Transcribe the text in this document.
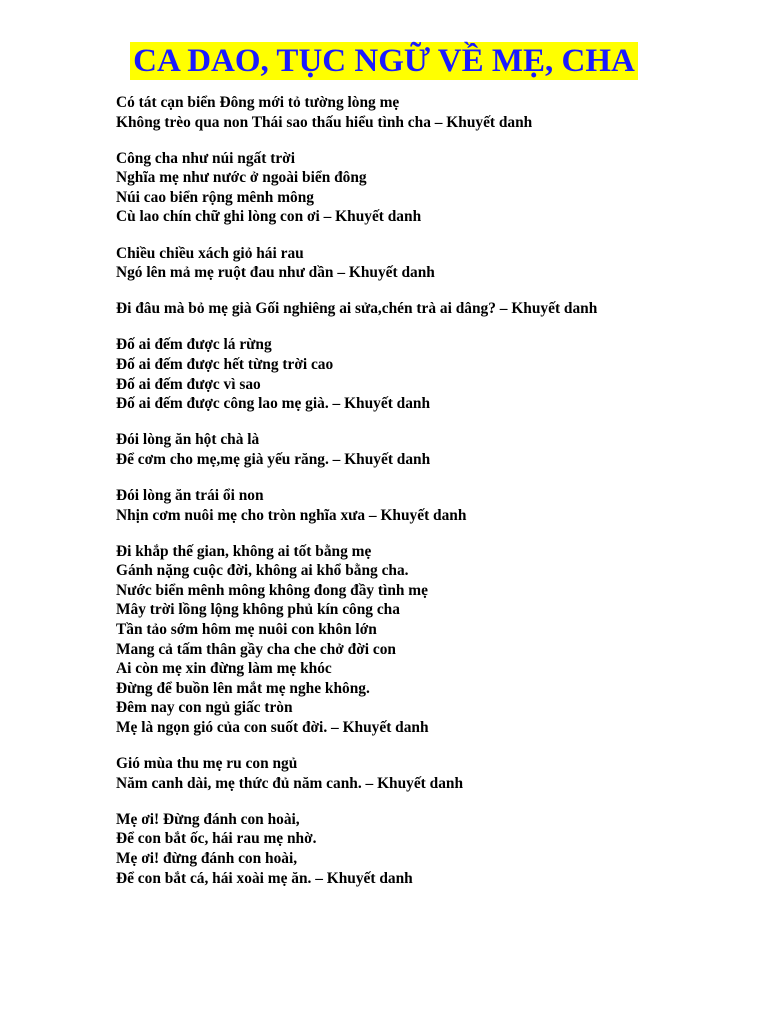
CA DAO, TỤC NGỮ VỀ MẸ, CHA
Có tát cạn biển Đông mới tỏ tường lòng mẹ
Không trèo qua non Thái sao thấu hiểu tình cha – Khuyết danh
Công cha như núi ngất trời
Nghĩa mẹ như nước ở ngoài biển đông
Núi cao biển rộng mênh mông
Cù lao chín chữ ghi lòng con ơi – Khuyết danh
Chiều chiều xách giỏ hái rau
Ngó lên mả mẹ ruột đau như dần – Khuyết danh
Đi đâu mà bỏ mẹ già Gối nghiêng ai sửa,chén trà ai dâng? – Khuyết danh
Đố ai đếm được lá rừng
Đố ai đếm được hết từng trời cao
Đố ai đếm được vì sao
Đố ai đếm được công lao mẹ già. – Khuyết danh
Đói lòng ăn hột chà là
Để cơm cho mẹ,mẹ già yếu răng. – Khuyết danh
Đói lòng ăn trái ổi non
Nhịn cơm nuôi mẹ cho tròn nghĩa xưa – Khuyết danh
Đi khắp thế gian, không ai tốt bằng mẹ
Gánh nặng cuộc đời, không ai khổ bằng cha.
Nước biển mênh mông không đong đầy tình mẹ
Mây trời lồng lộng không phủ kín công cha
Tần tảo sớm hôm mẹ nuôi con khôn lớn
Mang cả tấm thân gầy cha che chở đời con
Ai còn mẹ xin đừng làm mẹ khóc
Đừng để buồn lên mắt mẹ nghe không.
Đêm nay con ngủ giấc tròn
Mẹ là ngọn gió của con suốt đời. – Khuyết danh
Gió mùa thu mẹ ru con ngủ
Năm canh dài, mẹ thức đủ năm canh. – Khuyết danh
Mẹ ơi! Đừng đánh con hoài,
Để con bắt ốc, hái rau mẹ nhờ.
Mẹ ơi! đừng đánh con hoài,
Để con bắt cá, hái xoài mẹ ăn. – Khuyết danh
